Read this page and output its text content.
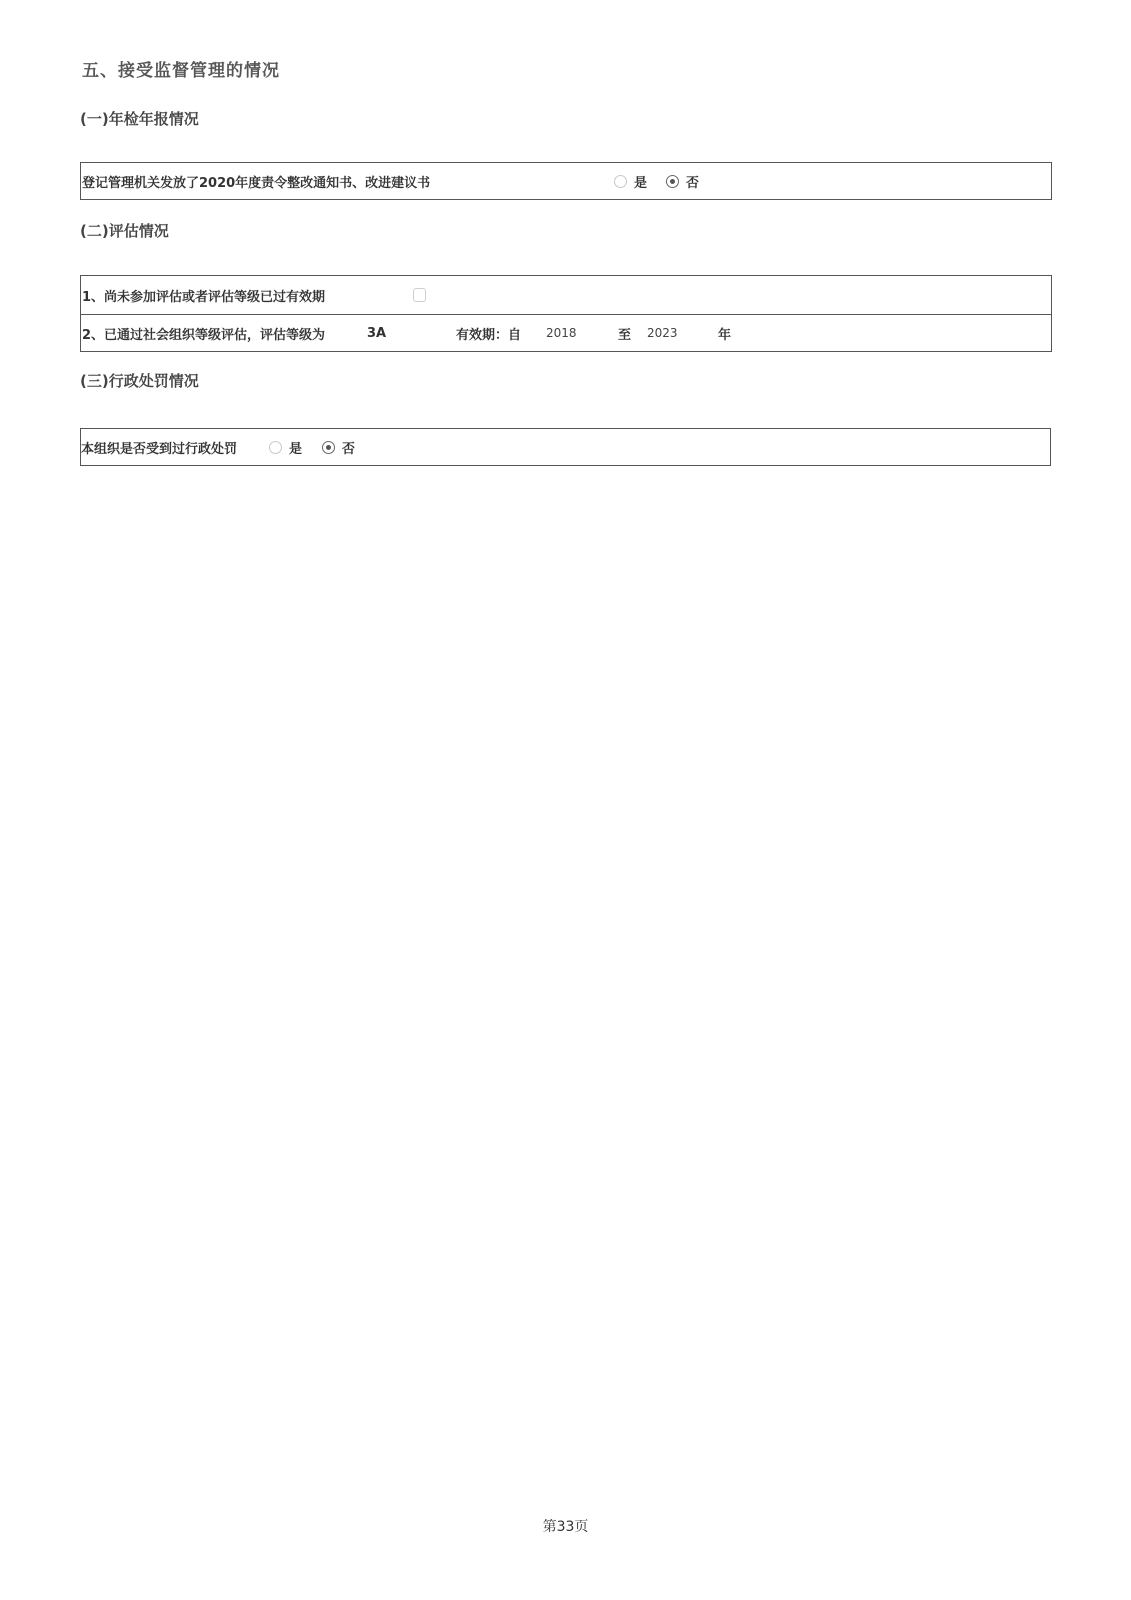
五、接受监督管理的情况
(一)年检年报情况
登记管理机关发放了2020年度责令整改通知书、改进建议书	是	否
(二)评估情况
1、尚未参加评估或者评估等级已过有效期
2、已通过社会组织等级评估，评估等级为	3A	有效期：自 2018	至 2023	年
(三)行政处罚情况
本组织是否受到过行政处罚	是	否
第33页
